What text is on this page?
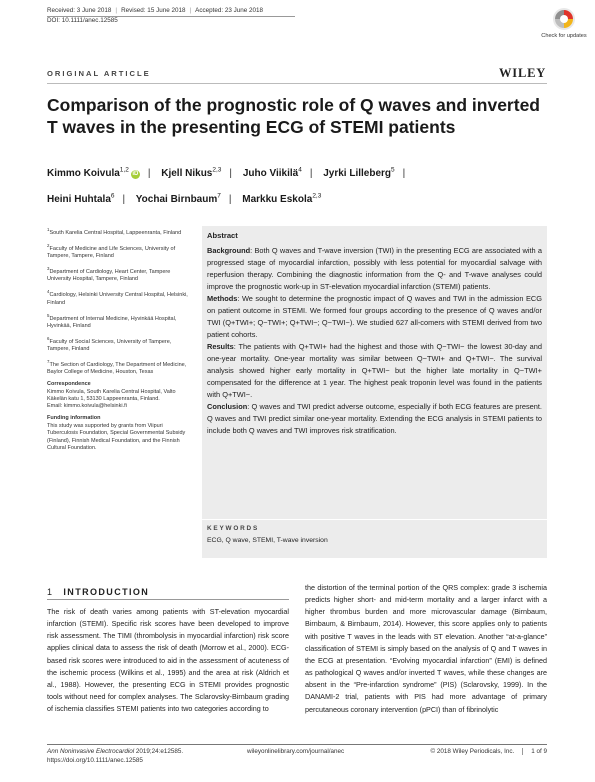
Received: 3 June 2018 | Revised: 15 June 2018 | Accepted: 23 June 2018
DOI: 10.1111/anec.12585
Check for updates
ORIGINAL ARTICLE	WILEY
Comparison of the prognostic role of Q waves and inverted T waves in the presenting ECG of STEMI patients
Kimmo Koivula$^{1,2}$iD | Kjell Nikus$^{2,3}$ | Juho Viikilä$^4$ | Jyrki Lilleberg$^5$ |
Heini Huhtala$^6$ | Yochai Birnbaum$^7$ | Markku Eskola$^{2,3}$

$^1$South Karelia Central Hospital, Lappeenranta, Finland

$^2$Faculty of Medicine and Life Sciences, University of Tampere, Tampere, Finland

$^3$Department of Cardiology, Heart Center, Tampere University Hospital, Tampere, Finland

$^4$Cardiology, Helsinki University Central Hospital, Helsinki, Finland

$^5$Department of Internal Medicine, Hyvinkää Hospital, Hyvinkää, Finland

$^6$Faculty of Social Sciences, University of Tampere, Tampere, Finland

$^7$The Section of Cardiology, The Department of Medicine, Baylor College of Medicine, Houston, Texas

Correspondence

Kimmo Koivula, South Karelia Central Hospital, Valto Käkelän katu 1, 53130 Lappeenranta, Finland.

Email: kimmo.koivula@helsinki.fi

Funding information

This study was supported by grants from Viipuri Tuberculosis Foundation, Special Governmental Subsidy (Finland), Finnish Medical Foundation, and the Finnish Cultural Foundation.

Abstract

Background: Both Q waves and T-wave inversion (TWI) in the presenting ECG are associated with a progressed stage of myocardial infarction, possibly with less potential for myocardial salvage with reperfusion therapy. Combining the diagnostic information from the Q- and T-wave analyses could improve the prognostic work-up in ST-elevation myocardial infarction (STEMI) patients.

Methods: We sought to determine the prognostic impact of Q waves and TWI in the admission ECG on patient outcome in STEMI. We formed four groups according to the presence of Q waves and/or TWI (Q+TWI+; Q−TWI+; Q+TWI−; Q−TWI−). We studied 627 all-comers with STEMI derived from two patient cohorts.

Results: The patients with Q+TWI+ had the highest and those with Q−TWI− the lowest 30-day and one-year mortality. One-year mortality was similar between Q−TWI+ and Q+TWI−. The survival analysis showed higher early mortality in Q+TWI− but the higher late mortality in Q−TWI+ compensated for the difference at 1 year. The highest peak troponin level was found in the patients with Q+TWI−.

Conclusion: Q waves and TWI predict adverse outcome, especially if both ECG features are present. Q waves and TWI predict similar one-year mortality. Extending the ECG analysis in STEMI patients to include both Q waves and TWI improves risk stratification.

KEYWORDS
ECG, Q wave, STEMI, T-wave inversion
1 INTRODUCTION
The risk of death varies among patients with ST-elevation myocardial infarction (STEMI). Specific risk scores have been developed to improve risk assessment. The TIMI (thrombolysis in myocardial infarction) risk score applies clinical data to assess the risk of death (Morrow et al., 2000). ECG-based risk scores were introduced to aid in the assessment of acuteness of the ischemic process (Wilkins et al., 1995) and the area at risk (Aldrich et al., 1988). However, the presenting ECG in STEMI provides prognostic tools without need for complex analyses. The Sclarovsky-Birnbaum grading of ischemia classifies STEMI patients into two categories according to
the distortion of the terminal portion of the QRS complex: grade 3 ischemia predicts higher short- and mid-term mortality and a larger infarct with a higher thrombus burden and more microvascular damage (Birnbaum, Birnbaum, & Birnbaum, 2014). However, this score applies only to patients with positive T waves in the leads with ST elevation. Another “at-a-glance” classification of STEMI is simply based on the analysis of Q and T waves in the ECG at presentation. “Evolving myocardial infarction” (EMI) is defined as pathological Q waves and/or inverted T waves, while these changes are absent in the “Pre-infarction syndrome” (PIS) (Sclarovsky, 1999). In the DANAMI-2 trial, patients with PIS had more advantage of primary percutaneous coronary intervention (pPCI) than of fibrinolytic
Ann Noninvasive Electrocardiol 2019;24:e12585.
https://doi.org/10.1111/anec.12585
wileyonlinelibrary.com/journal/anec	© 2018 Wiley Periodicals, Inc.	1 of 9
